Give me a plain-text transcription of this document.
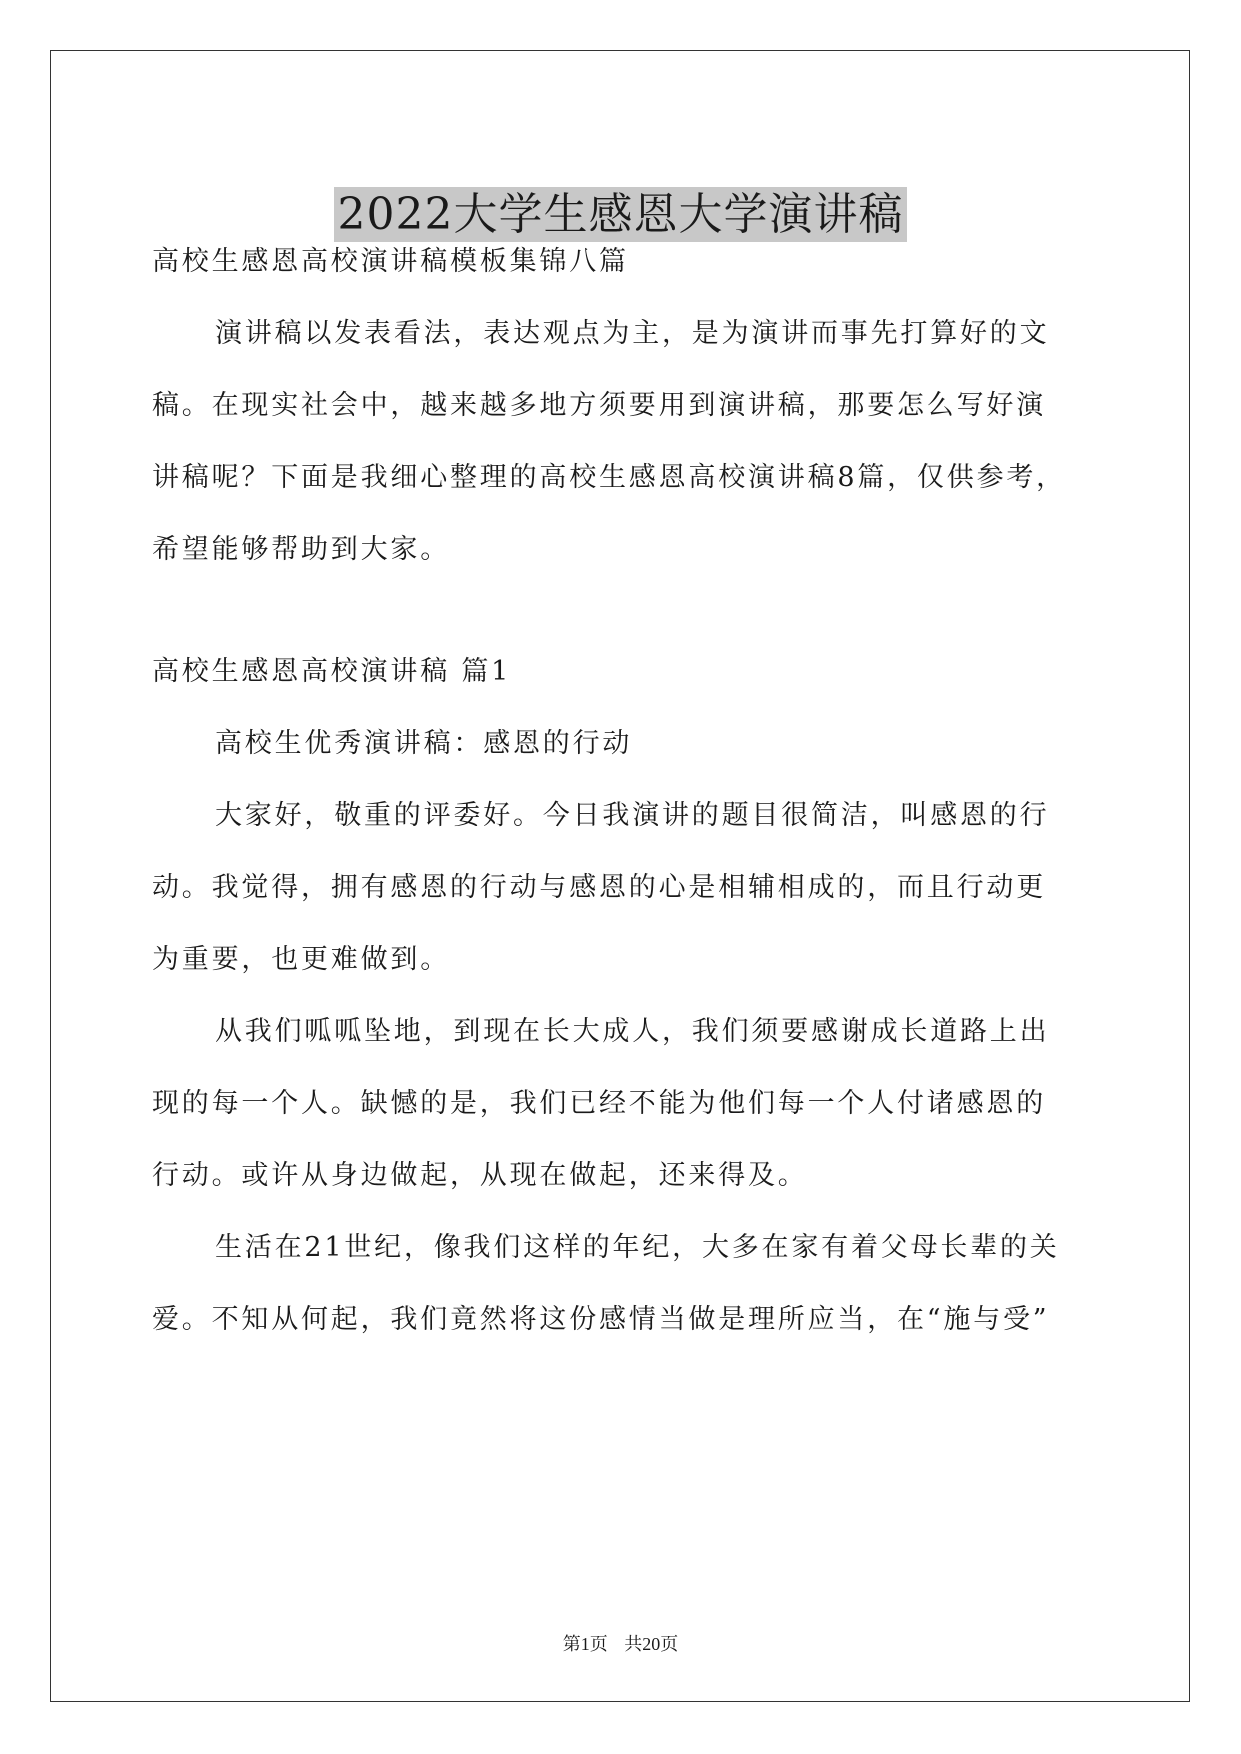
2022大学生感恩大学演讲稿
高校生感恩高校演讲稿模板集锦八篇
演讲稿以发表看法，表达观点为主，是为演讲而事先打算好的文
稿。在现实社会中，越来越多地方须要用到演讲稿，那要怎么写好演
讲稿呢？下面是我细心整理的高校生感恩高校演讲稿8篇，仅供参考，
希望能够帮助到大家。
高校生感恩高校演讲稿 篇1
高校生优秀演讲稿：感恩的行动
大家好，敬重的评委好。今日我演讲的题目很简洁，叫感恩的行
动。我觉得，拥有感恩的行动与感恩的心是相辅相成的，而且行动更
为重要，也更难做到。
从我们呱呱坠地，到现在长大成人，我们须要感谢成长道路上出
现的每一个人。缺憾的是，我们已经不能为他们每一个人付诸感恩的
行动。或许从身边做起，从现在做起，还来得及。
生活在21世纪，像我们这样的年纪，大多在家有着父母长辈的关
爱。不知从何起，我们竟然将这份感情当做是理所应当，在“施与受”
第1页 共20页
